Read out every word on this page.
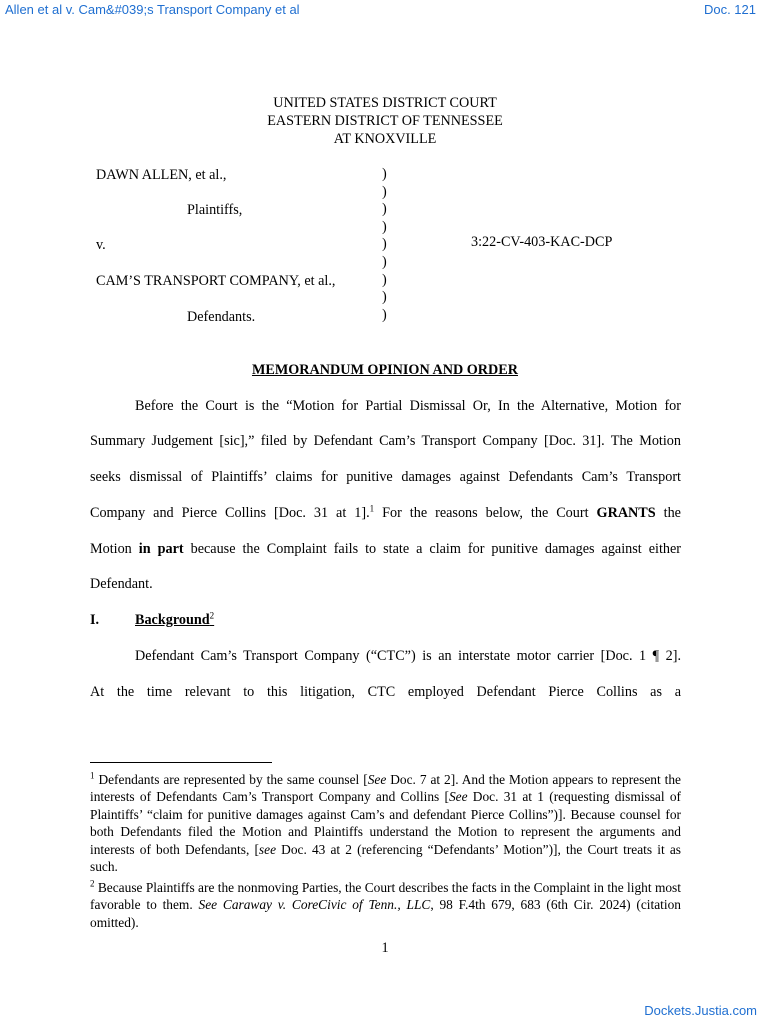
Allen et al v. Cam&#039;s Transport Company et al	Doc. 121
UNITED STATES DISTRICT COURT
EASTERN DISTRICT OF TENNESSEE
AT KNOXVILLE
DAWN ALLEN, et al.,
Plaintiffs,
v.
CAM’S TRANSPORT COMPANY, et al.,
Defendants.
)
)
)
)
)
)
)
)
)
3:22-CV-403-KAC-DCP
MEMORANDUM OPINION AND ORDER
Before the Court is the “Motion for Partial Dismissal Or, In the Alternative, Motion for
Summary Judgement [sic],” filed by Defendant Cam’s Transport Company [Doc. 31]. The Motion
seeks dismissal of Plaintiffs’ claims for punitive damages against Defendants Cam’s Transport
Company and Pierce Collins [Doc. 31 at 1].$^1$ For the reasons below, the Court GRANTS the
Motion in part because the Complaint fails to state a claim for punitive damages against either
Defendant.
I.	Background$^2$
Defendant Cam’s Transport Company (“CTC”) is an interstate motor carrier [Doc. 1 ¶ 2].
At the time relevant to this litigation, CTC employed Defendant Pierce Collins as a
$^1$ Defendants are represented by the same counsel [See Doc. 7 at 2]. And the Motion appears to represent the interests of Defendants Cam’s Transport Company and Collins [See Doc. 31 at 1 (requesting dismissal of Plaintiffs’ “claim for punitive damages against Cam’s and defendant Pierce Collins”)]. Because counsel for both Defendants filed the Motion and Plaintiffs understand the Motion to represent the arguments and interests of both Defendants, [see Doc. 43 at 2 (referencing “Defendants’ Motion”)], the Court treats it as such.
$^2$ Because Plaintiffs are the nonmoving Parties, the Court describes the facts in the Complaint in the light most favorable to them. See Caraway v. CoreCivic of Tenn., LLC, 98 F.4th 679, 683 (6th Cir. 2024) (citation omitted).
1
Dockets.Justia.com
